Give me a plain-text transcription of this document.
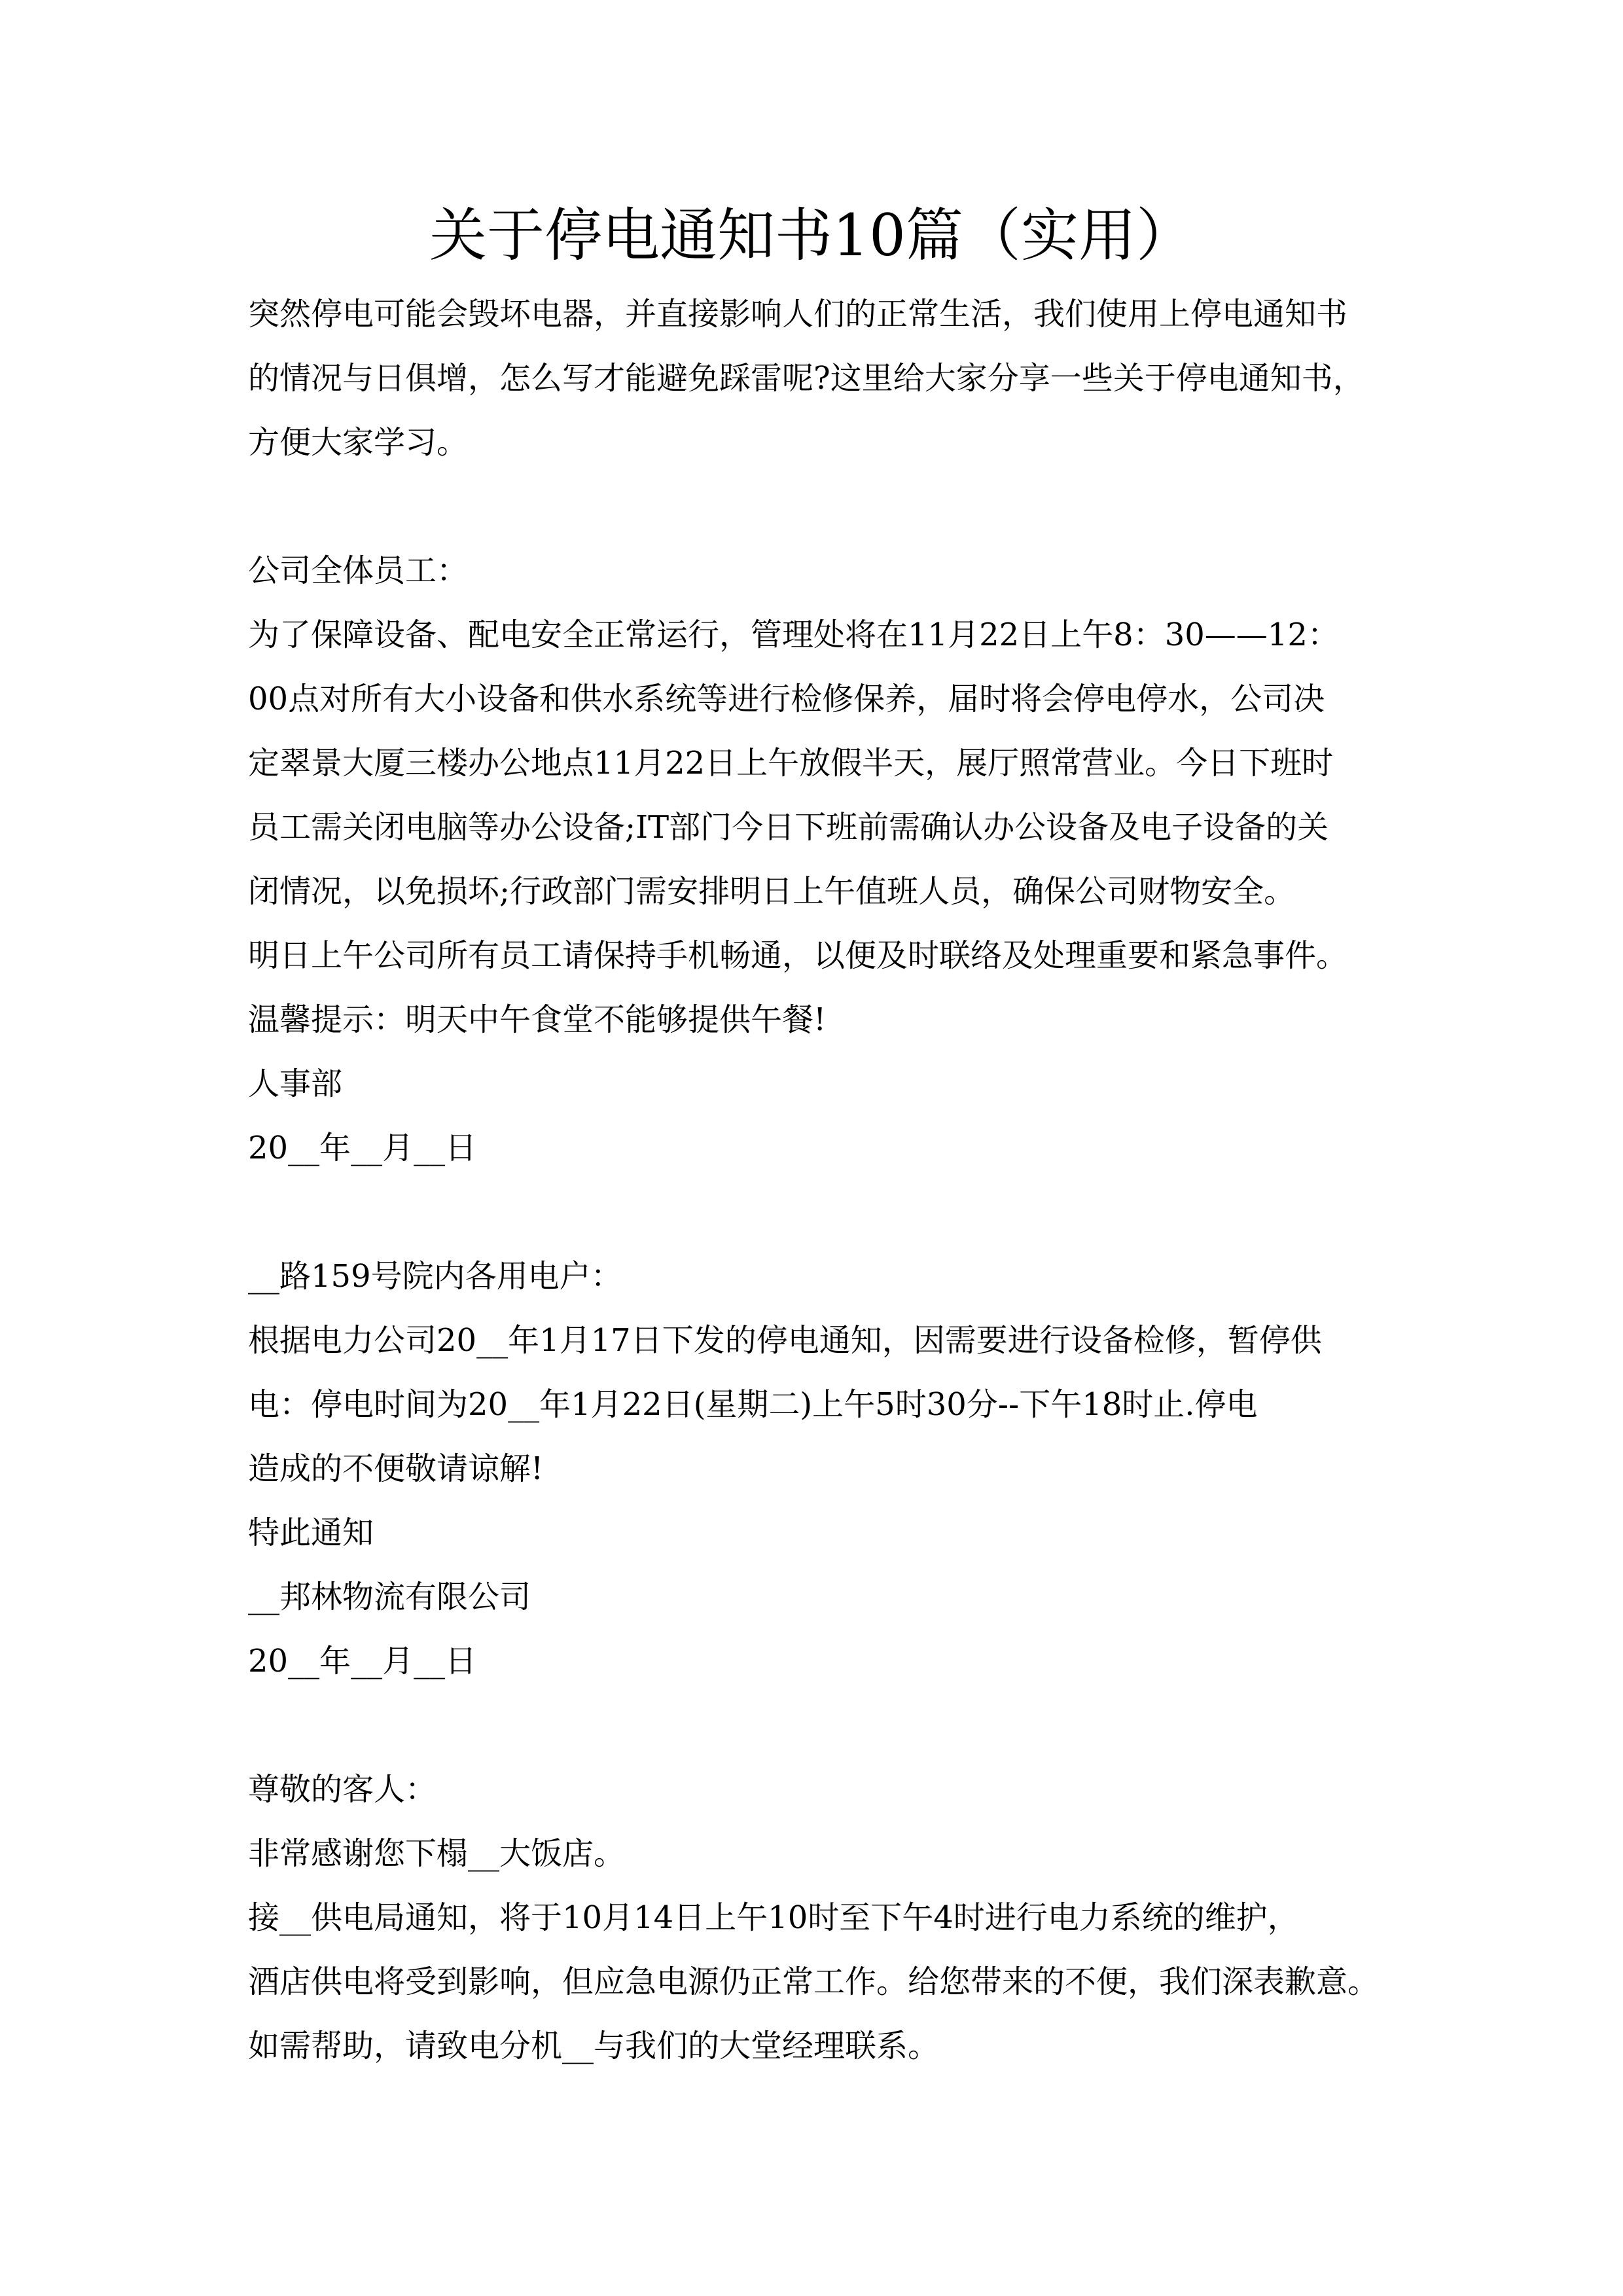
关于停电通知书10篇（实用）
突然停电可能会毁坏电器，并直接影响人们的正常生活，我们使用上停电通知书
的情况与日俱增，怎么写才能避免踩雷呢?这里给大家分享一些关于停电通知书，
方便大家学习。
公司全体员工：
为了保障设备、配电安全正常运行，管理处将在11月22日上午8：30——12：
00点对所有大小设备和供水系统等进行检修保养，届时将会停电停水，公司决
定翠景大厦三楼办公地点11月22日上午放假半天，展厅照常营业。今日下班时
员工需关闭电脑等办公设备;IT部门今日下班前需确认办公设备及电子设备的关
闭情况，以免损坏;行政部门需安排明日上午值班人员，确保公司财物安全。
明日上午公司所有员工请保持手机畅通，以便及时联络及处理重要和紧急事件。
温馨提示：明天中午食堂不能够提供午餐!
人事部
20__年__月__日
__路159号院内各用电户：
根据电力公司20__年1月17日下发的停电通知，因需要进行设备检修，暂停供
电：停电时间为20__年1月22日(星期二)上午5时30分--下午18时止.停电
造成的不便敬请谅解!
特此通知
__邦林物流有限公司
20__年__月__日
尊敬的客人：
非常感谢您下榻__大饭店。
接__供电局通知，将于10月14日上午10时至下午4时进行电力系统的维护，
酒店供电将受到影响，但应急电源仍正常工作。给您带来的不便，我们深表歉意。
如需帮助，请致电分机__与我们的大堂经理联系。
